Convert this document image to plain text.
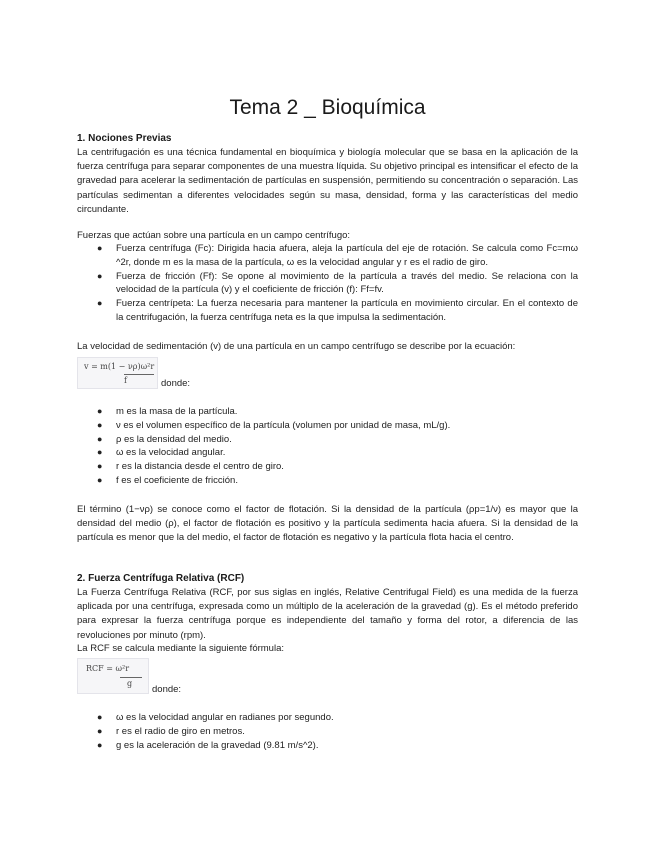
Tema 2 _ Bioquímica
1. Nociones Previas

La centrifugación es una técnica fundamental en bioquímica y biología molecular que se basa en la aplicación de la fuerza centrífuga para separar componentes de una muestra líquida. Su objetivo principal es intensificar el efecto de la gravedad para acelerar la sedimentación de partículas en suspensión, permitiendo su concentración o separación. Las partículas sedimentan a diferentes velocidades según su masa, densidad, forma y las características del medio circundante.

Fuerzas que actúan sobre una partícula en un campo centrífugo:

● Fuerza centrífuga (Fc): Dirigida hacia afuera, aleja la partícula del eje de rotación. Se calcula como Fc=mω ^2r, donde m es la masa de la partícula, ω es la velocidad angular y r es el radio de giro.
● Fuerza de fricción (Ff): Se opone al movimiento de la partícula a través del medio. Se relaciona con la velocidad de la partícula (v) y el coeficiente de fricción (f): Ff=fv.
● Fuerza centrípeta: La fuerza necesaria para mantener la partícula en movimiento circular. En el contexto de la centrifugación, la fuerza centrífuga neta es la que impulsa la sedimentación.

La velocidad de sedimentación (v) de una partícula en un campo centrífugo se describe por la ecuación:

v = m(1 − νρ)ω²r
f	donde:
● m es la masa de la partícula.
● ν es el volumen específico de la partícula (volumen por unidad de masa, mL/g).
● ρ es la densidad del medio.
● ω es la velocidad angular.
● r es la distancia desde el centro de giro.
● f es el coeficiente de fricción.

El término (1−νρ) se conoce como el factor de flotación. Si la densidad de la partícula (ρp=1/ν) es mayor que la densidad del medio (ρ), el factor de flotación es positivo y la partícula sedimenta hacia afuera. Si la densidad de la partícula es menor que la del medio, el factor de flotación es negativo y la partícula flota hacia el centro.

2. Fuerza Centrífuga Relativa (RCF)

La Fuerza Centrífuga Relativa (RCF, por sus siglas en inglés, Relative Centrifugal Field) es una medida de la fuerza aplicada por una centrífuga, expresada como un múltiplo de la aceleración de la gravedad (g). Es el método preferido para expresar la fuerza centrífuga porque es independiente del tamaño y forma del rotor, a diferencia de las revoluciones por minuto (rpm).

La RCF se calcula mediante la siguiente fórmula:

RCF = ω²r
g
donde:
● ω es la velocidad angular en radianes por segundo.
● r es el radio de giro en metros.
● g es la aceleración de la gravedad (9.81 m/s^2).
